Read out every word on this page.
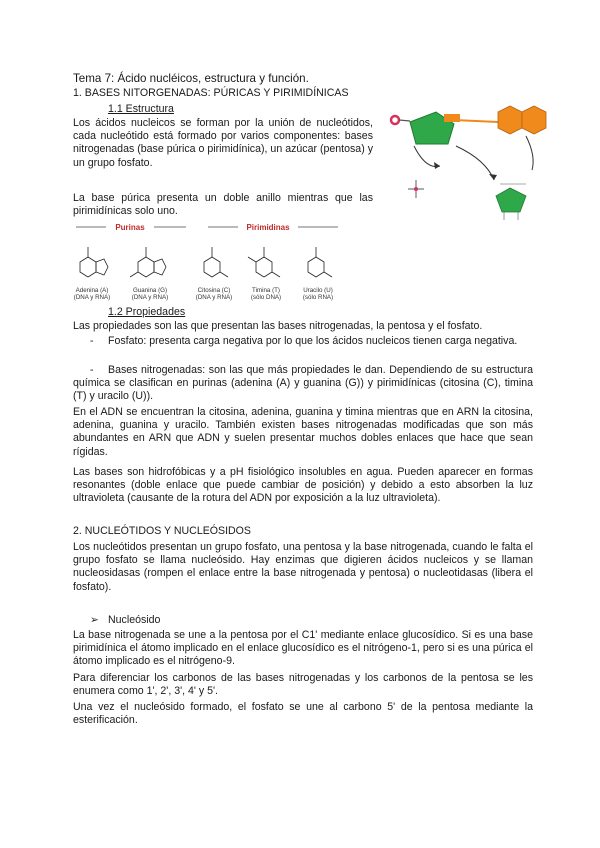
Tema 7: Ácido nucléicos, estructura y función.
1. BASES NITORGENADAS: PÚRICAS Y PIRIMIDÍNICAS
1.1 Estructura
Los ácidos nucleicos se forman por la unión de nucleótidos, cada nucleótido está formado por varios componentes: bases nitrogenadas (base púrica o pirimidínica), un azúcar (pentosa) y un grupo fosfato.
La base púrica presenta un doble anillo mientras que las pirimidínicas solo uno.
Purinas	Pirimidinas
Adenina (A)
(DNA y RNA)
Guanina (G)
(DNA y RNA)
Citosina (C)
(DNA y RNA)
Timina (T)
(sólo DNA)
Uracilo (U)
(sólo RNA)
1.2 Propiedades
Las propiedades son las que presentan las bases nitrogenadas, la pentosa y el fosfato.
-	Fosfato: presenta carga negativa por lo que los ácidos nucleicos tienen carga negativa.
-	Bases nitrogenadas: son las que más propiedades le dan. Dependiendo de su estructura química se clasifican en purinas (adenina (A) y guanina (G)) y pirimidínicas (citosina (C), timina (T) y uracilo (U)).
En el ADN se encuentran la citosina, adenina, guanina y timina mientras que en ARN la citosina, adenina, guanina y uracilo. También existen bases nitrogenadas modificadas que son más abundantes en ARN que ADN y suelen presentar muchos dobles enlaces que hace que sean rígidas.
Las bases son hidrofóbicas y a pH fisiológico insolubles en agua. Pueden aparecer en formas resonantes (doble enlace que puede cambiar de posición) y debido a esto absorben la luz ultravioleta (causante de la rotura del ADN por exposición a la luz ultravioleta).
2. NUCLEÓTIDOS Y NUCLEÓSIDOS
Los nucleótidos presentan un grupo fosfato, una pentosa y la base nitrogenada, cuando le falta el grupo fosfato se llama nucleósido. Hay enzimas que digieren ácidos nucleicos y se llaman nucleosidasas (rompen el enlace entre la base nitrogenada y pentosa) o nucleotidasas (libera el fosfato).
➢ Nucleósido
La base nitrogenada se une a la pentosa por el C1' mediante enlace glucosídico. Si es una base pirimidínica el átomo implicado en el enlace glucosídico es el nitrógeno-1, pero si es una púrica el átomo implicado es el nitrógeno-9.
Para diferenciar los carbonos de las bases nitrogenadas y los carbonos de la pentosa se les enumera como 1', 2', 3', 4' y 5'.
Una vez el nucleósido formado, el fosfato se une al carbono 5' de la pentosa mediante la esterificación.
